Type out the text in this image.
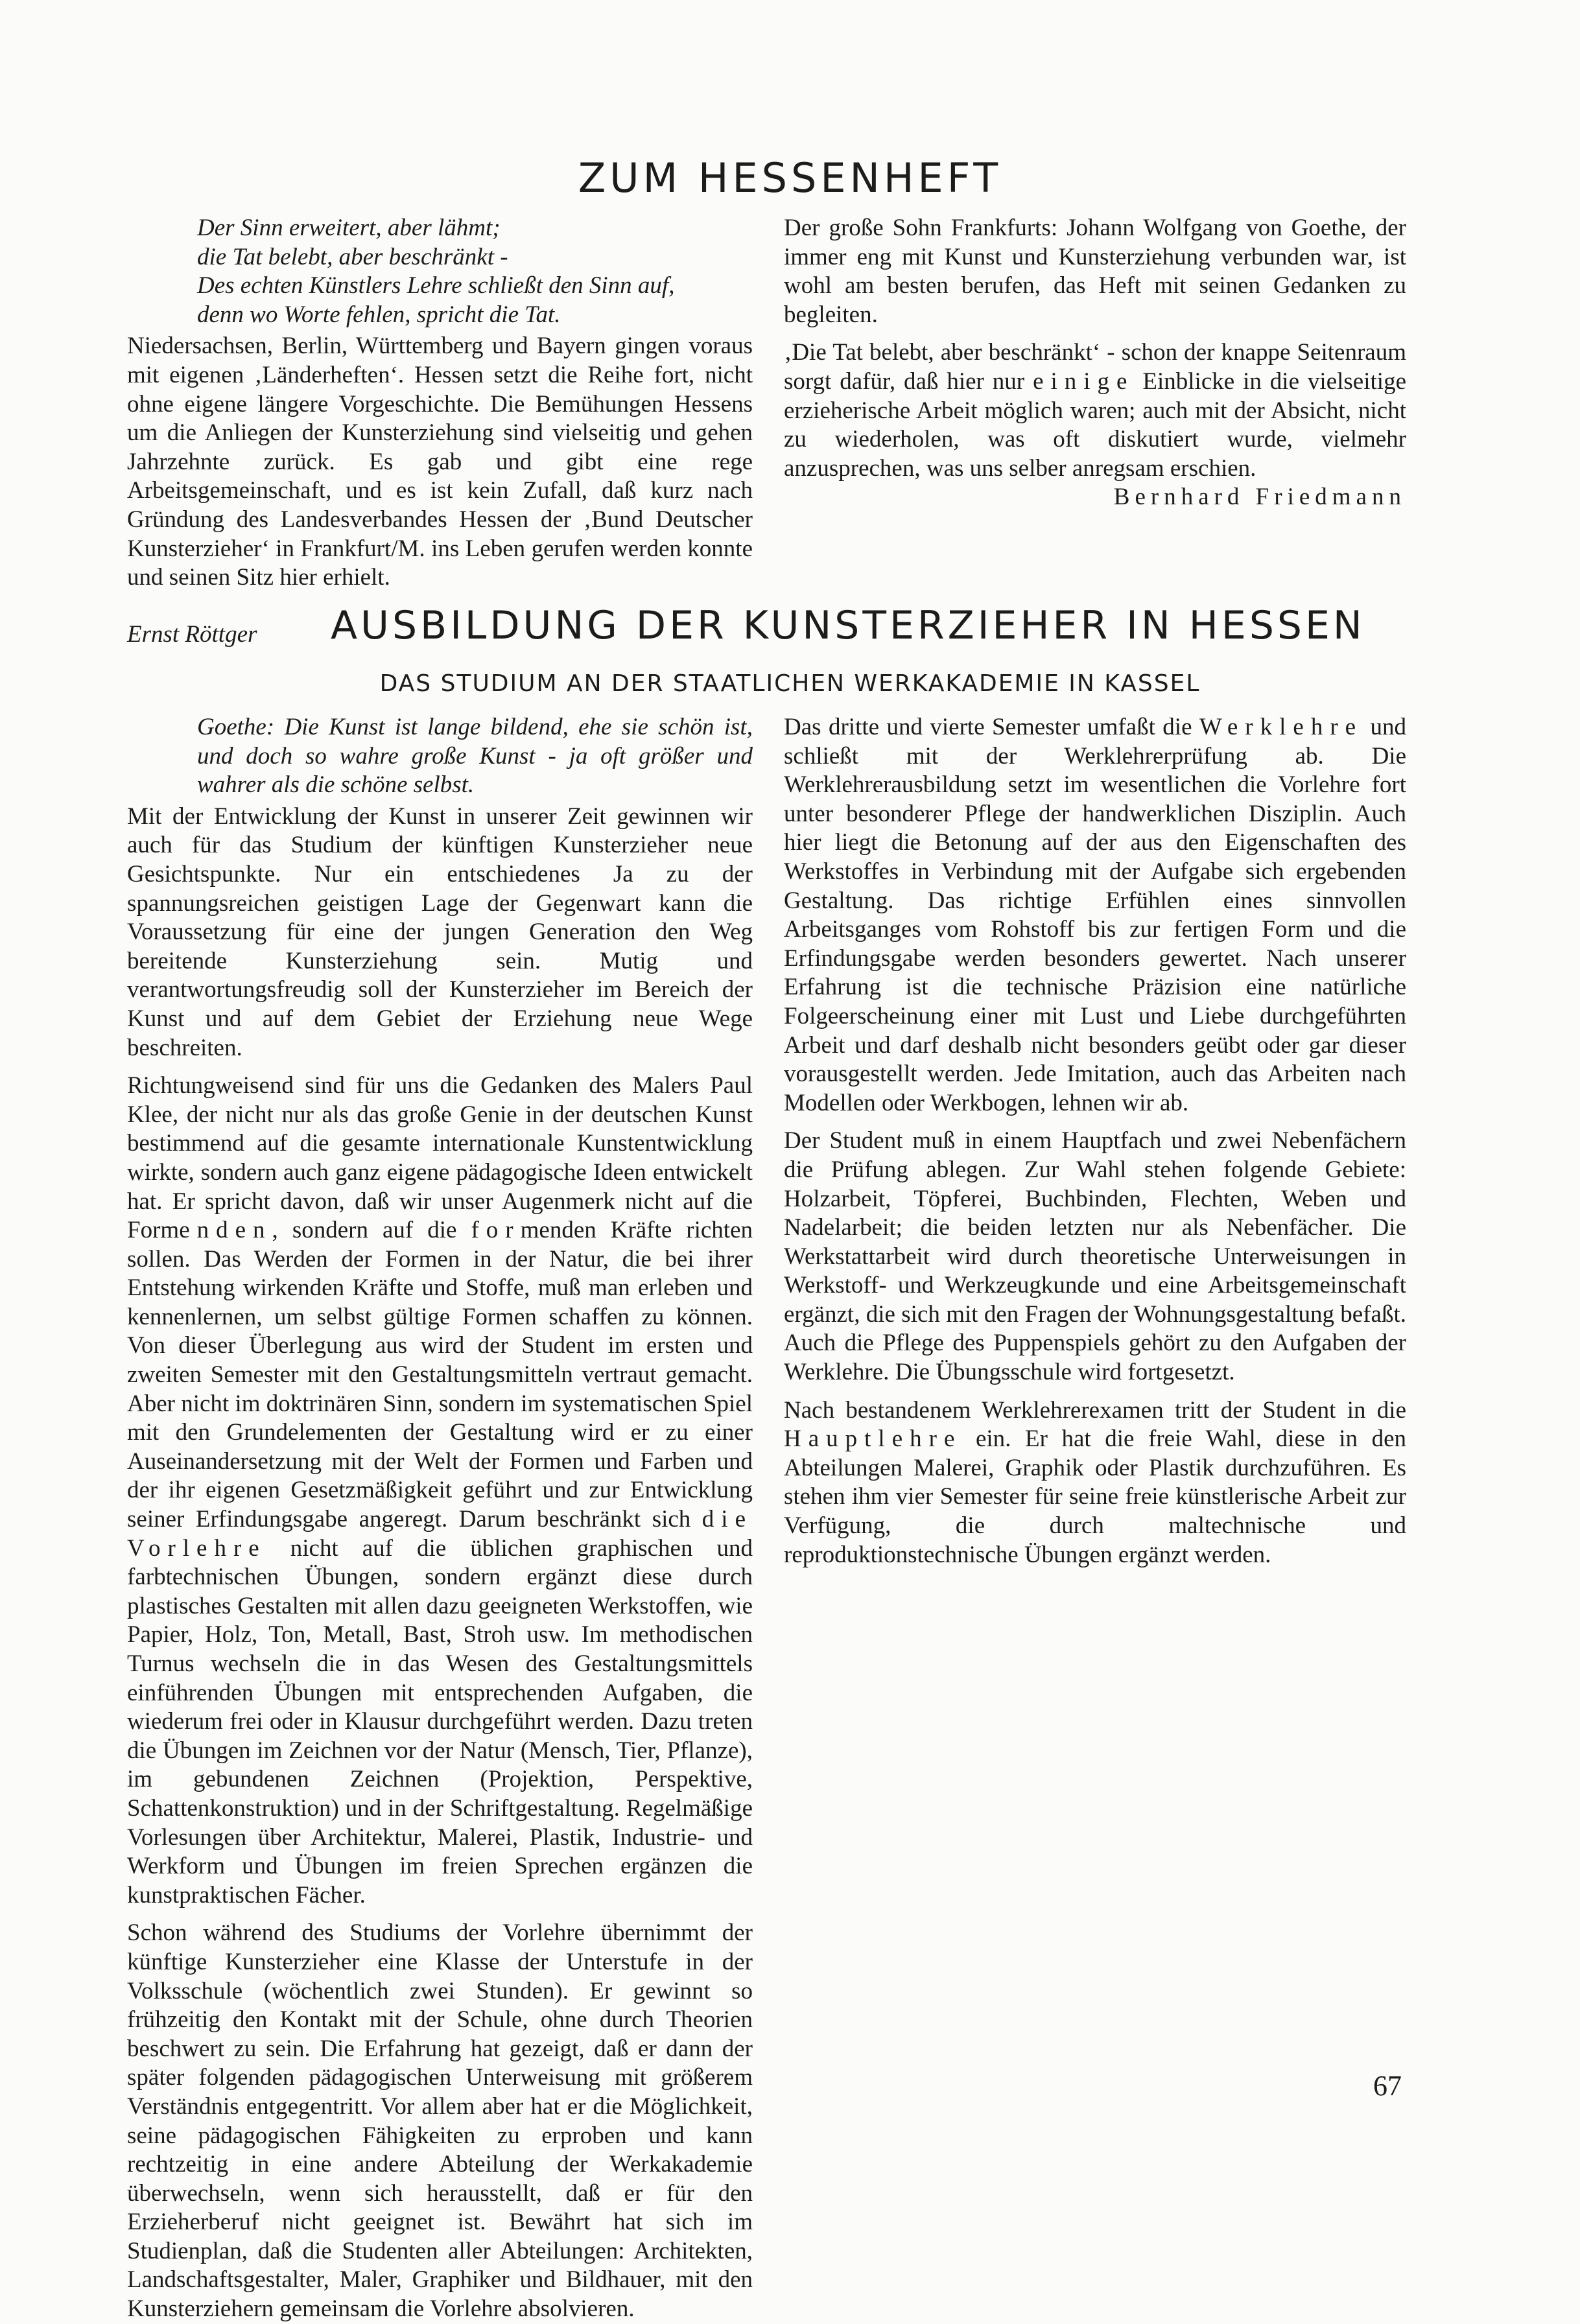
ZUM HESSENHEFT
Der Sinn erweitert, aber lähmt;
die Tat belebt, aber beschränkt -
Des echten Künstlers Lehre schließt den Sinn auf,
denn wo Worte fehlen, spricht die Tat.

Niedersachsen, Berlin, Württemberg und Bayern gingen voraus mit eigenen ‚Länderheften‘. Hessen setzt die Reihe fort, nicht ohne eigene längere Vorgeschichte. Die Bemühungen Hessens um die Anliegen der Kunsterziehung sind vielseitig und gehen Jahrzehnte zurück. Es gab und gibt eine rege Arbeitsgemeinschaft, und es ist kein Zufall, daß kurz nach Gründung des Landesverbandes Hessen der ‚Bund Deutscher Kunsterzieher‘ in Frankfurt/M. ins Leben gerufen werden konnte und seinen Sitz hier erhielt.

Der große Sohn Frankfurts: Johann Wolfgang von Goethe, der immer eng mit Kunst und Kunsterziehung verbunden war, ist wohl am besten berufen, das Heft mit seinen Gedanken zu begleiten.

‚Die Tat belebt, aber beschränkt‘ - schon der knappe Seitenraum sorgt dafür, daß hier nur einige Einblicke in die vielseitige erzieherische Arbeit möglich waren; auch mit der Absicht, nicht zu wiederholen, was oft diskutiert wurde, vielmehr anzusprechen, was uns selber anregsam erschien.

Bernhard Friedmann
Ernst Röttger AUSBILDUNG DER KUNSTERZIEHER IN HESSEN
DAS STUDIUM AN DER STAATLICHEN WERKAKADEMIE IN KASSEL
Goethe: Die Kunst ist lange bildend, ehe sie schön ist, und doch so wahre große Kunst - ja oft größer und wahrer als die schöne selbst.

Mit der Entwicklung der Kunst in unserer Zeit gewinnen wir auch für das Studium der künftigen Kunsterzieher neue Gesichtspunkte. Nur ein entschiedenes Ja zu der spannungsreichen geistigen Lage der Gegenwart kann die Voraussetzung für eine der jungen Generation den Weg bereitende Kunsterziehung sein. Mutig und verantwortungsfreudig soll der Kunsterzieher im Bereich der Kunst und auf dem Gebiet der Erziehung neue Wege beschreiten.

Richtungweisend sind für uns die Gedanken des Malers Paul Klee, der nicht nur als das große Genie in der deutschen Kunst bestimmend auf die gesamte internationale Kunstentwicklung wirkte, sondern auch ganz eigene pädagogische Ideen entwickelt hat. Er spricht davon, daß wir unser Augenmerk nicht auf die Formenden, sondern auf die formenden Kräfte richten sollen. Das Werden der Formen in der Natur, die bei ihrer Entstehung wirkenden Kräfte und Stoffe, muß man erleben und kennenlernen, um selbst gültige Formen schaffen zu können. Von dieser Überlegung aus wird der Student im ersten und zweiten Semester mit den Gestaltungsmitteln vertraut gemacht. Aber nicht im doktrinären Sinn, sondern im systematischen Spiel mit den Grundelementen der Gestaltung wird er zu einer Auseinandersetzung mit der Welt der Formen und Farben und der ihr eigenen Gesetzmäßigkeit geführt und zur Entwicklung seiner Erfindungsgabe angeregt. Darum beschränkt sich die Vorlehre nicht auf die üblichen graphischen und farbtechnischen Übungen, sondern ergänzt diese durch plastisches Gestalten mit allen dazu geeigneten Werkstoffen, wie Papier, Holz, Ton, Metall, Bast, Stroh usw. Im methodischen Turnus wechseln die in das Wesen des Gestaltungsmittels einführenden Übungen mit entsprechenden Aufgaben, die wiederum frei oder in Klausur durchgeführt werden. Dazu treten die Übungen im Zeichnen vor der Natur (Mensch, Tier, Pflanze), im gebundenen Zeichnen (Projektion, Perspektive, Schattenkonstruktion) und in der Schriftgestaltung. Regelmäßige Vorlesungen über Architektur, Malerei, Plastik, Industrie- und Werkform und Übungen im freien Sprechen ergänzen die kunstpraktischen Fächer.

Schon während des Studiums der Vorlehre übernimmt der künftige Kunsterzieher eine Klasse der Unterstufe in der Volksschule (wöchentlich zwei Stunden). Er gewinnt so frühzeitig den Kontakt mit der Schule, ohne durch Theorien beschwert zu sein. Die Erfahrung hat gezeigt, daß er dann der später folgenden pädagogischen Unterweisung mit größerem Verständnis entgegentritt. Vor allem aber hat er die Möglichkeit, seine pädagogischen Fähigkeiten zu erproben und kann rechtzeitig in eine andere Abteilung der Werkakademie überwechseln, wenn sich herausstellt, daß er für den Erzieherberuf nicht geeignet ist. Bewährt hat sich im Studienplan, daß die Studenten aller Abteilungen: Architekten, Landschaftsgestalter, Maler, Graphiker und Bildhauer, mit den Kunsterziehern gemeinsam die Vorlehre absolvieren.

Das dritte und vierte Semester umfaßt die Werklehre und schließt mit der Werklehrerprüfung ab. Die Werklehrerausbildung setzt im wesentlichen die Vorlehre fort unter besonderer Pflege der handwerklichen Disziplin. Auch hier liegt die Betonung auf der aus den Eigenschaften des Werkstoffes in Verbindung mit der Aufgabe sich ergebenden Gestaltung. Das richtige Erfühlen eines sinnvollen Arbeitsganges vom Rohstoff bis zur fertigen Form und die Erfindungsgabe werden besonders gewertet. Nach unserer Erfahrung ist die technische Präzision eine natürliche Folgeerscheinung einer mit Lust und Liebe durchgeführten Arbeit und darf deshalb nicht besonders geübt oder gar dieser vorausgestellt werden. Jede Imitation, auch das Arbeiten nach Modellen oder Werkbogen, lehnen wir ab.

Der Student muß in einem Hauptfach und zwei Nebenfächern die Prüfung ablegen. Zur Wahl stehen folgende Gebiete: Holzarbeit, Töpferei, Buchbinden, Flechten, Weben und Nadelarbeit; die beiden letzten nur als Nebenfächer. Die Werkstattarbeit wird durch theoretische Unterweisungen in Werkstoff- und Werkzeugkunde und eine Arbeitsgemeinschaft ergänzt, die sich mit den Fragen der Wohnungsgestaltung befaßt. Auch die Pflege des Puppenspiels gehört zu den Aufgaben der Werklehre. Die Übungsschule wird fortgesetzt.

Nach bestandenem Werklehrerexamen tritt der Student in die Hauptlehre ein. Er hat die freie Wahl, diese in den Abteilungen Malerei, Graphik oder Plastik durchzuführen. Es stehen ihm vier Semester für seine freie künstlerische Arbeit zur Verfügung, die durch maltechnische und reproduktionstechnische Übungen ergänzt werden.

67
